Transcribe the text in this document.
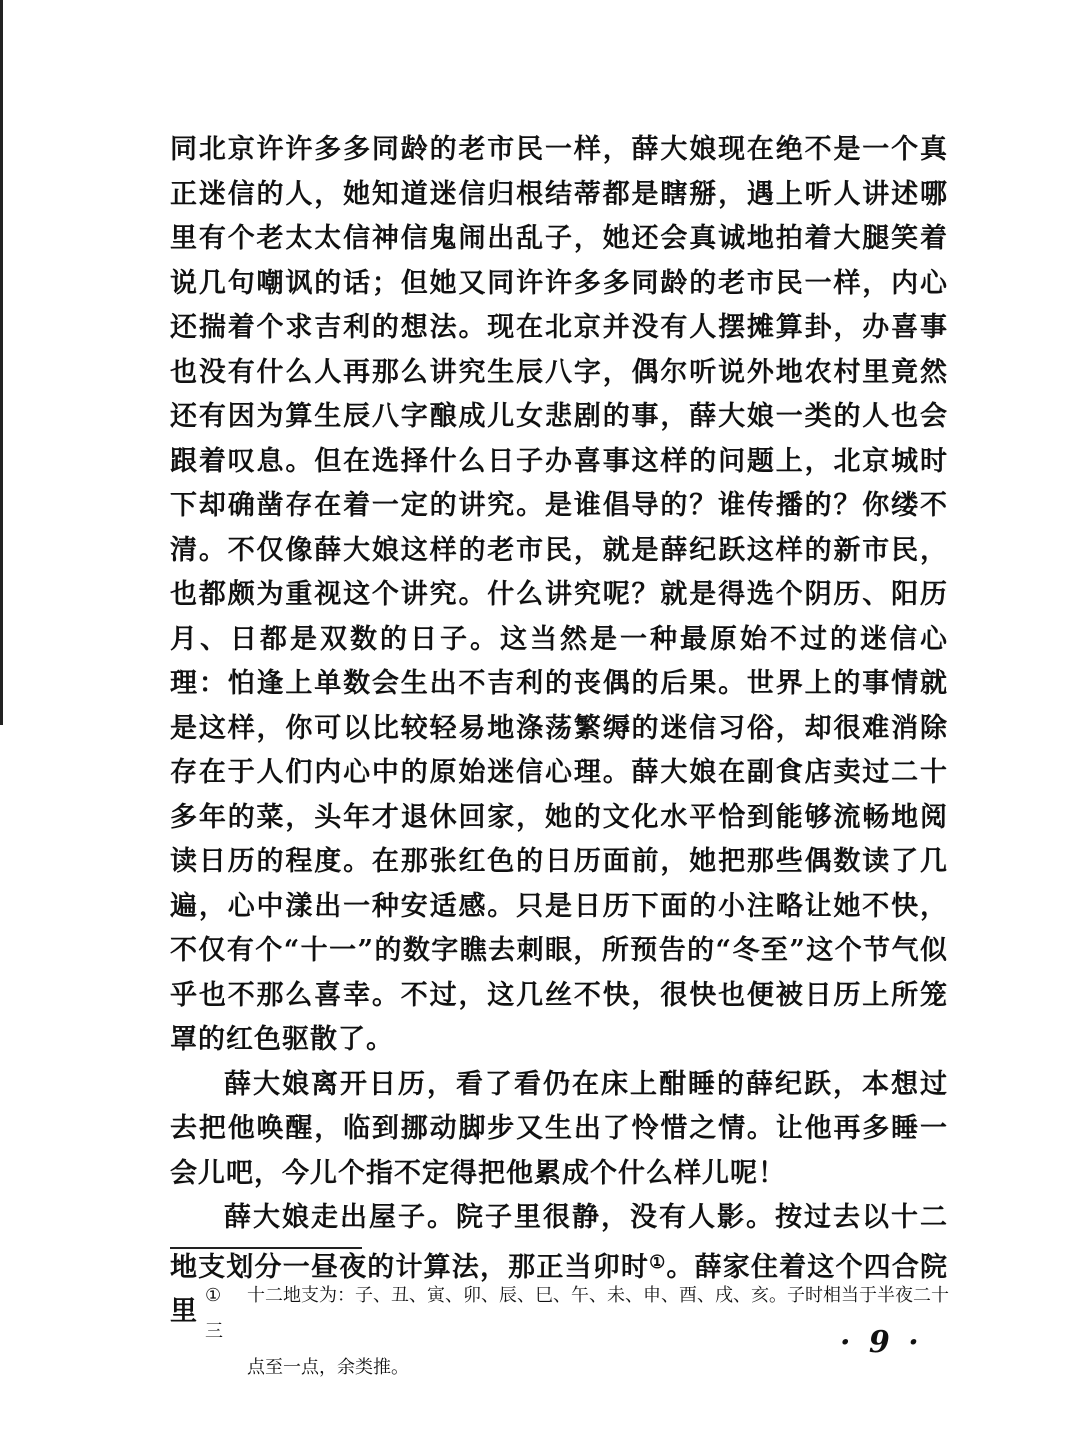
同北京许许多多同龄的老市民一样，薛大娘现在绝不是一个真正迷信的人，她知道迷信归根结蒂都是瞎掰，遇上听人讲述哪里有个老太太信神信鬼闹出乱子，她还会真诚地拍着大腿笑着说几句嘲讽的话；但她又同许许多多同龄的老市民一样，内心还揣着个求吉利的想法。现在北京并没有人摆摊算卦，办喜事也没有什么人再那么讲究生辰八字，偶尔听说外地农村里竟然还有因为算生辰八字酿成儿女悲剧的事，薛大娘一类的人也会跟着叹息。但在选择什么日子办喜事这样的问题上，北京城时下却确凿存在着一定的讲究。是谁倡导的？谁传播的？你缕不清。不仅像薛大娘这样的老市民，就是薛纪跃这样的新市民，也都颇为重视这个讲究。什么讲究呢？就是得选个阴历、阳历月、日都是双数的日子。这当然是一种最原始不过的迷信心理：怕逢上单数会生出不吉利的丧偶的后果。世界上的事情就是这样，你可以比较轻易地涤荡繁缛的迷信习俗，却很难消除存在于人们内心中的原始迷信心理。薛大娘在副食店卖过二十多年的菜，头年才退休回家，她的文化水平恰到能够流畅地阅读日历的程度。在那张红色的日历面前，她把那些偶数读了几遍，心中漾出一种安适感。只是日历下面的小注略让她不快，不仅有个“十一”的数字瞧去刺眼，所预告的“冬至”这个节气似乎也不那么喜幸。不过，这几丝不快，很快也便被日历上所笼罩的红色驱散了。

薛大娘离开日历，看了看仍在床上酣睡的薛纪跃，本想过去把他唤醒，临到挪动脚步又生出了怜惜之情。让他再多睡一会儿吧，今儿个指不定得把他累成个什么样儿呢！

薛大娘走出屋子。院子里很静，没有人影。按过去以十二地支划分一昼夜的计算法，那正当卯时①。薛家住着这个四合院里

① 十二地支为：子、丑、寅、卯、辰、巳、午、未、申、酉、戌、亥。子时相当于半夜二十三
点至一点，余类推。
· 9 ·
